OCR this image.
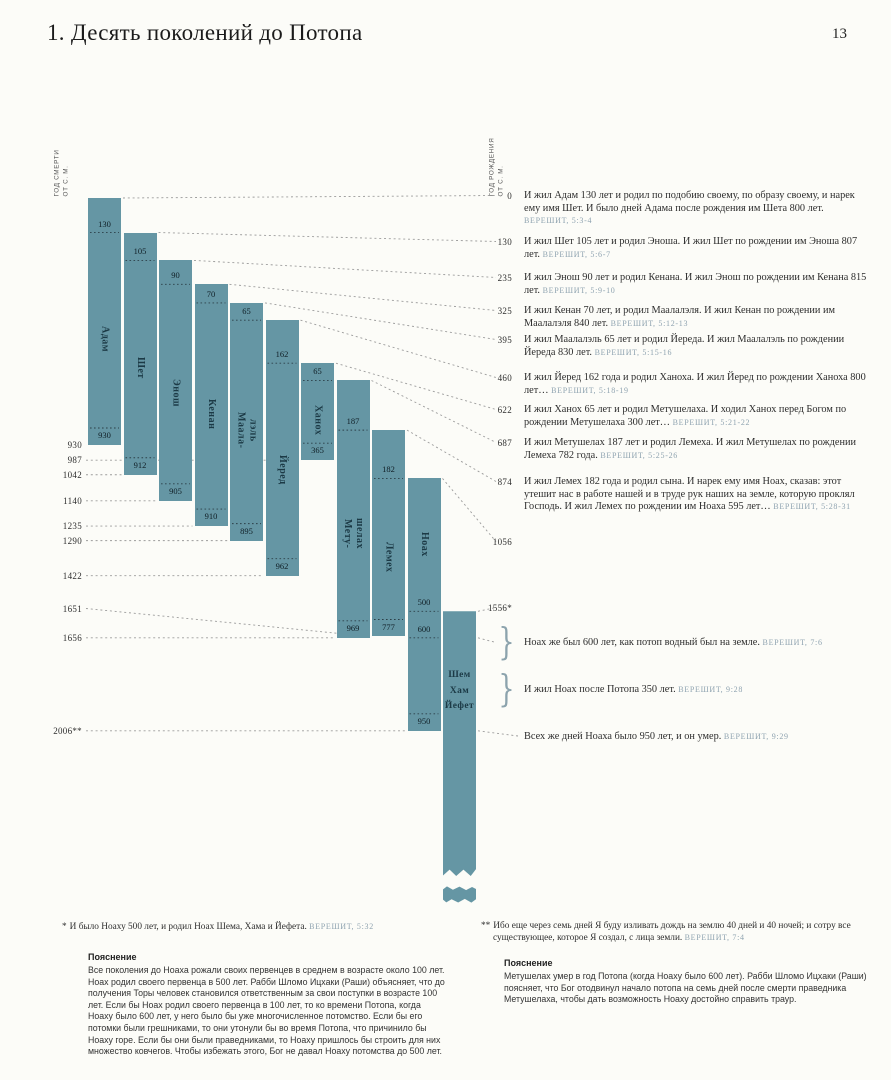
1. Десять поколений до Потопа	13
ГОД СМЕРТИ ОТ С. М.	ГОД РОЖДЕНИЯ ОТ С. М.
130
930
Адам
105
912
Шет
90
905
Энош
70
910
Кенан
65
895
Маала-
лэль
162
962
Йеред
65
365
Ханох	187
969
Мету-
шелах
182
777
Лемех
500
600
950
Ноах
Шем
Хам
Йефет
930
987
1042
1140
1235
1290
1422
1651
1656
2006**
0
130
235
325
395
460
622
687
874
1056
1556*
И жил Адам 130 лет и родил по подобию своему, по образу своему, и нарек ему имя Шет. И было дней Адама после рождения им Шета 800 лет. ВЕРЕШИТ, 5:3-4
И жил Шет 105 лет и родил Эноша. И жил Шет по рождении им Эноша 807 лет. ВЕРЕШИТ, 5:6-7
И жил Энош 90 лет и родил Кенана. И жил Энош по рождении им Кенана 815 лет. ВЕРЕШИТ, 5:9-10
И жил Кенан 70 лет, и родил Маалалэля. И жил Кенан по рождении им Маалалэля 840 лет. ВЕРЕШИТ, 5:12-13
И жил Маалалэль 65 лет и родил Йереда. И жил Маалалэль по рождении Йереда 830 лет. ВЕРЕШИТ, 5:15-16
И жил Йеред 162 года и родил Ханоха. И жил Йеред по рождении Ханоха 800 лет… ВЕРЕШИТ, 5:18-19
И жил Ханох 65 лет и родил Метушелаха. И ходил Ханох перед Богом по рождении Метушелаха 300 лет… ВЕРЕШИТ, 5:21-22
И жил Метушелах 187 лет и родил Лемеха. И жил Метушелах по рождении Лемеха 782 года. ВЕРЕШИТ, 5:25-26
И жил Лемех 182 года и родил сына. И нарек ему имя Ноах, сказав: этот утешит нас в работе нашей и в труде рук наших на земле, которую проклял Господь. И жил Лемех по рождении им Ноаха 595 лет… ВЕРЕШИТ, 5:28-31
Ноах же был 600 лет, как потоп водный был на земле. ВЕРЕШИТ, 7:6
И жил Ноах после Потопа 350 лет. ВЕРЕШИТ, 9:28
Всех же дней Ноаха было 950 лет, и он умер. ВЕРЕШИТ, 9:29
}
}
* И было Ноаху 500 лет, и родил Ноах Шема, Хама и Йефета. ВЕРЕШИТ, 5:32	** Ибо еще через семь дней Я буду изливать дождь на землю 40 дней и 40 ночей; и сотру все существующее, которое Я создал, с лица земли. ВЕРЕШИТ, 7:4
Пояснение
Все поколения до Ноаха рожали своих первенцев в среднем в возрасте около 100 лет. Ноах родил своего первенца в 500 лет. Рабби Шломо Ицхаки (Раши) объясняет, что до получения Торы человек становился ответственным за свои поступки в возрасте 100 лет. Если бы Ноах родил своего первенца в 100 лет, то ко времени Потопа, когда Ноаху было 600 лет, у него было бы уже многочисленное потомство. Если бы его потомки были грешниками, то они утонули бы во время Потопа, что причинило бы Ноаху горе. Если бы они были праведниками, то Ноаху пришлось бы строить для них множество ковчегов. Чтобы избежать этого, Бог не давал Ноаху потомства до 500 лет.
Пояснение
Метушелах умер в год Потопа (когда Ноаху было 600 лет). Рабби Шломо Ицхаки (Раши) поясняет, что Бог отодвинул начало потопа на семь дней после смерти праведника Метушелаха, чтобы дать возможность Ноаху достойно справить траур.
